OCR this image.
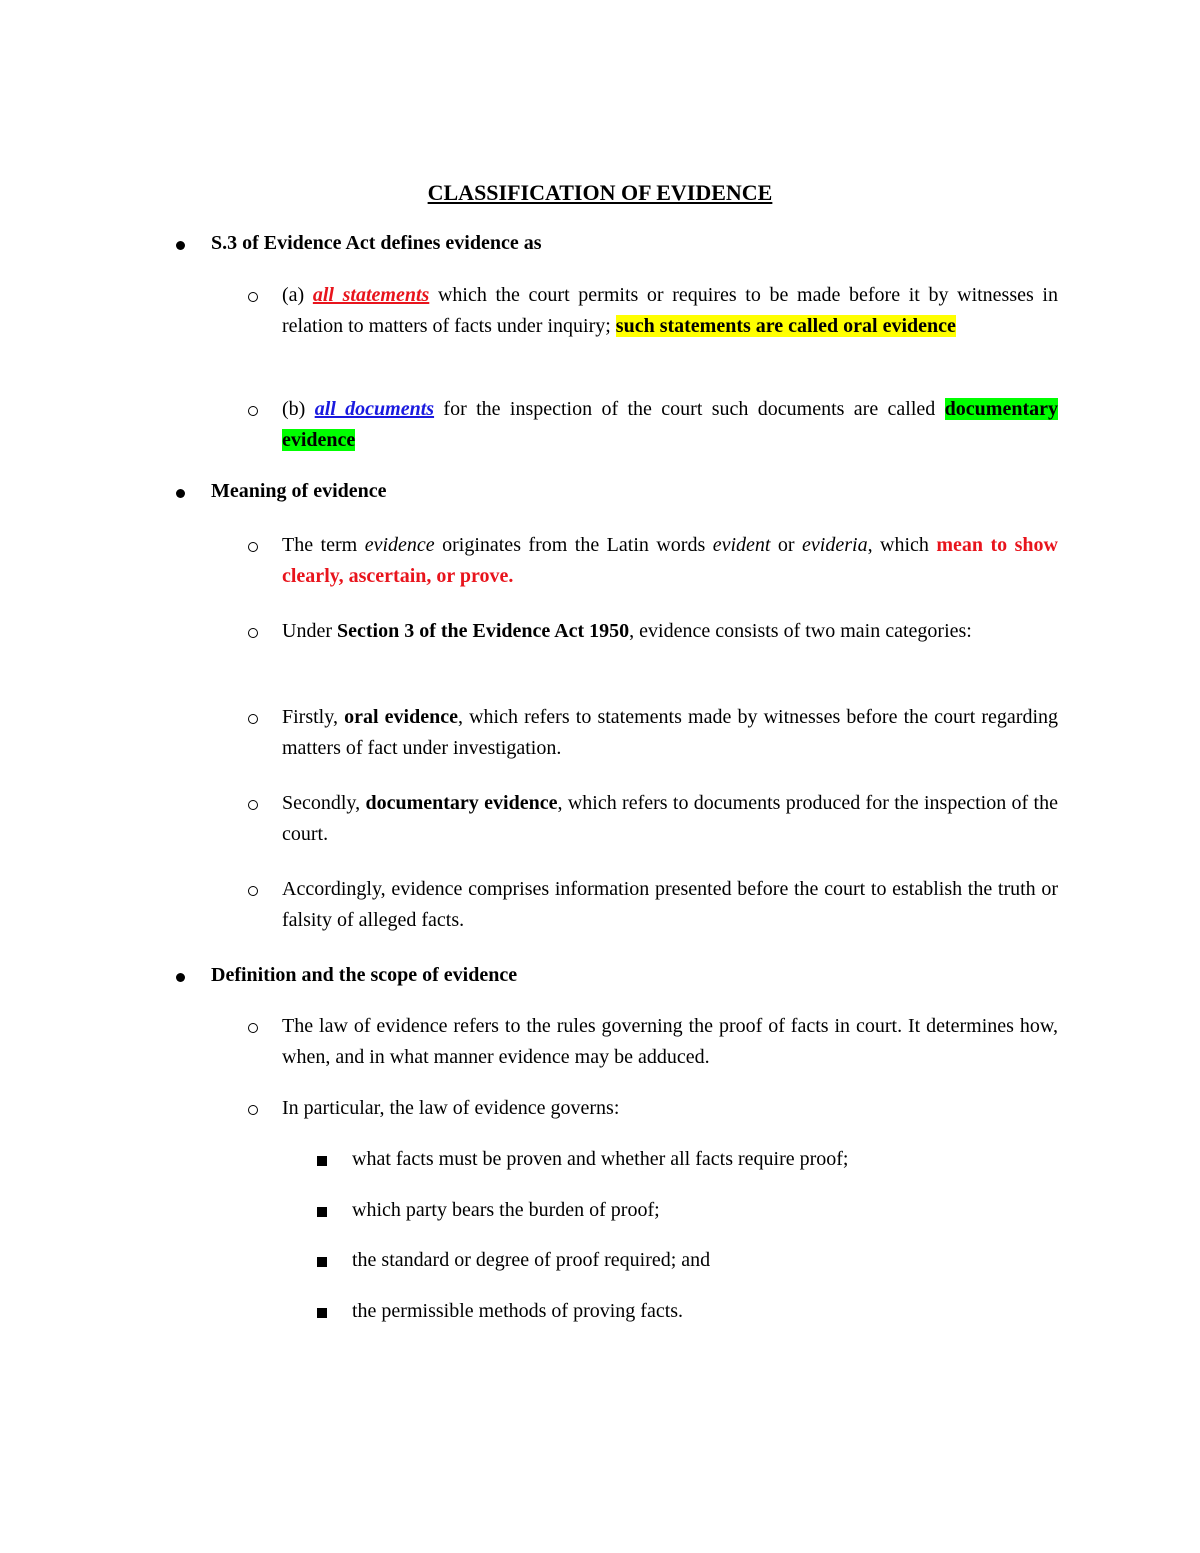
CLASSIFICATION OF EVIDENCE
S.3 of Evidence Act defines evidence as
(a) all statements which the court permits or requires to be made before it by witnesses in relation to matters of facts under inquiry; such statements are called oral evidence
(b) all documents for the inspection of the court such documents are called documentary evidence
Meaning of evidence
The term evidence originates from the Latin words evident or evideria, which mean to show clearly, ascertain, or prove.
Under Section 3 of the Evidence Act 1950, evidence consists of two main categories:
Firstly, oral evidence, which refers to statements made by witnesses before the court regarding matters of fact under investigation.
Secondly, documentary evidence, which refers to documents produced for the inspection of the court.
Accordingly, evidence comprises information presented before the court to establish the truth or falsity of alleged facts.
Definition and the scope of evidence
The law of evidence refers to the rules governing the proof of facts in court. It determines how, when, and in what manner evidence may be adduced.
In particular, the law of evidence governs:
what facts must be proven and whether all facts require proof;
which party bears the burden of proof;
the standard or degree of proof required; and
the permissible methods of proving facts.
